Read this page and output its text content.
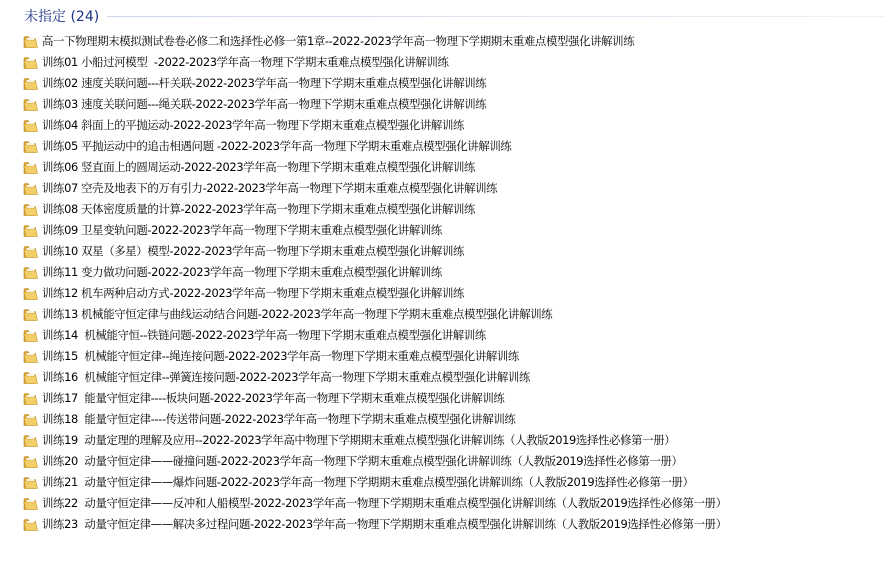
未指定 (24)
高一下物理期末模拟测试卷卷必修二和选择性必修一第1章--2022-2023学年高一物理下学期期末重难点模型强化讲解训练
训练01 小船过河模型  -2022-2023学年高一物理下学期末重难点模型强化讲解训练
训练02 速度关联问题---杆关联-2022-2023学年高一物理下学期末重难点模型强化讲解训练
训练03 速度关联问题---绳关联-2022-2023学年高一物理下学期末重难点模型强化讲解训练
训练04 斜面上的平抛运动-2022-2023学年高一物理下学期末重难点模型强化讲解训练
训练05 平抛运动中的追击相遇问题 -2022-2023学年高一物理下学期末重难点模型强化讲解训练
训练06 竖直面上的圆周运动-2022-2023学年高一物理下学期末重难点模型强化讲解训练
训练07 空壳及地表下的万有引力-2022-2023学年高一物理下学期末重难点模型强化讲解训练
训练08 天体密度质量的计算-2022-2023学年高一物理下学期末重难点模型强化讲解训练
训练09 卫星变轨问题-2022-2023学年高一物理下学期末重难点模型强化讲解训练
训练10 双星（多星）模型-2022-2023学年高一物理下学期末重难点模型强化讲解训练
训练11 变力做功问题-2022-2023学年高一物理下学期末重难点模型强化讲解训练
训练12 机车两种启动方式-2022-2023学年高一物理下学期末重难点模型强化讲解训练
训练13 机械能守恒定律与曲线运动结合问题-2022-2023学年高一物理下学期末重难点模型强化讲解训练
训练14  机械能守恒--铁链问题-2022-2023学年高一物理下学期末重难点模型强化讲解训练
训练15  机械能守恒定律--绳连接问题-2022-2023学年高一物理下学期末重难点模型强化讲解训练
训练16  机械能守恒定律--弹簧连接问题-2022-2023学年高一物理下学期末重难点模型强化讲解训练
训练17  能量守恒定律----板块问题-2022-2023学年高一物理下学期末重难点模型强化讲解训练
训练18  能量守恒定律----传送带问题-2022-2023学年高一物理下学期末重难点模型强化讲解训练
训练19  动量定理的理解及应用--2022-2023学年高中物理下学期期末重难点模型强化讲解训练（人教版2019选择性必修第一册）
训练20  动量守恒定律——碰撞问题-2022-2023学年高一物理下学期末重难点模型强化讲解训练（人教版2019选择性必修第一册）
训练21  动量守恒定律——爆炸问题-2022-2023学年高一物理下学期期末重难点模型强化讲解训练（人教版2019选择性必修第一册）
训练22  动量守恒定律——反冲和人船模型-2022-2023学年高一物理下学期期末重难点模型强化讲解训练（人教版2019选择性必修第一册）
训练23  动量守恒定律——解决多过程问题-2022-2023学年高一物理下学期期末重难点模型强化讲解训练（人教版2019选择性必修第一册）
